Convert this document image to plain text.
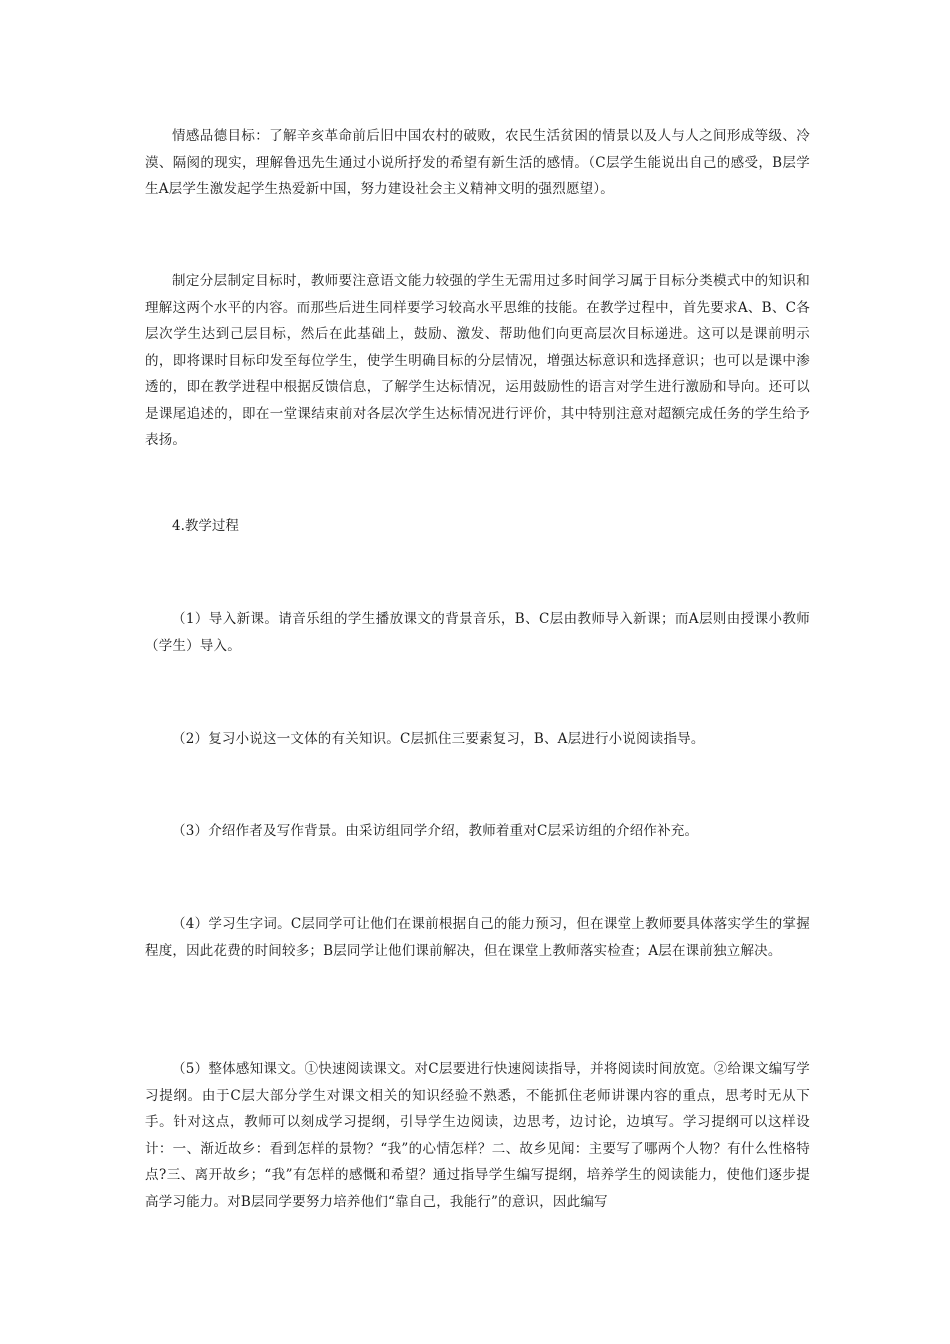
情感品德目标：了解辛亥革命前后旧中国农村的破败，农民生活贫困的情景以及人与人之间形成等级、冷漠、隔阂的现实，理解鲁迅先生通过小说所抒发的希望有新生活的感情。（C层学生能说出自己的感受，B层学生A层学生激发起学生热爱新中国，努力建设社会主义精神文明的强烈愿望）。

制定分层制定目标时，教师要注意语文能力较强的学生无需用过多时间学习属于目标分类模式中的知识和理解这两个水平的内容。而那些后进生同样要学习较高水平思维的技能。在教学过程中，首先要求A、B、C各层次学生达到己层目标，然后在此基础上，鼓励、激发、帮助他们向更高层次目标递进。这可以是课前明示的，即将课时目标印发至每位学生，使学生明确目标的分层情况，增强达标意识和选择意识；也可以是课中渗透的，即在教学进程中根据反馈信息，了解学生达标情况，运用鼓励性的语言对学生进行激励和导向。还可以是课尾追述的，即在一堂课结束前对各层次学生达标情况进行评价，其中特别注意对超额完成任务的学生给予表扬。

4.教学过程

（1）导入新课。请音乐组的学生播放课文的背景音乐，B、C层由教师导入新课；而A层则由授课小教师（学生）导入。

（2）复习小说这一文体的有关知识。C层抓住三要素复习，B、A层进行小说阅读指导。

（3）介绍作者及写作背景。由采访组同学介绍，教师着重对C层采访组的介绍作补充。

（4）学习生字词。C层同学可让他们在课前根据自己的能力预习，但在课堂上教师要具体落实学生的掌握程度，因此花费的时间较多；B层同学让他们课前解决，但在课堂上教师落实检查；A层在课前独立解决。

（5）整体感知课文。①快速阅读课文。对C层要进行快速阅读指导，并将阅读时间放宽。②给课文编写学习提纲。由于C层大部分学生对课文相关的知识经验不熟悉，不能抓住老师讲课内容的重点，思考时无从下手。针对这点，教师可以刻成学习提纲，引导学生边阅读，边思考，边讨论，边填写。学习提纲可以这样设计：一、渐近故乡：看到怎样的景物？“我”的心情怎样？二、故乡见闻：主要写了哪两个人物？有什么性格特点?三、离开故乡；“我”有怎样的感慨和希望？通过指导学生编写提纲，培养学生的阅读能力，使他们逐步提高学习能力。对B层同学要努力培养他们“靠自己，我能行”的意识，因此编写
